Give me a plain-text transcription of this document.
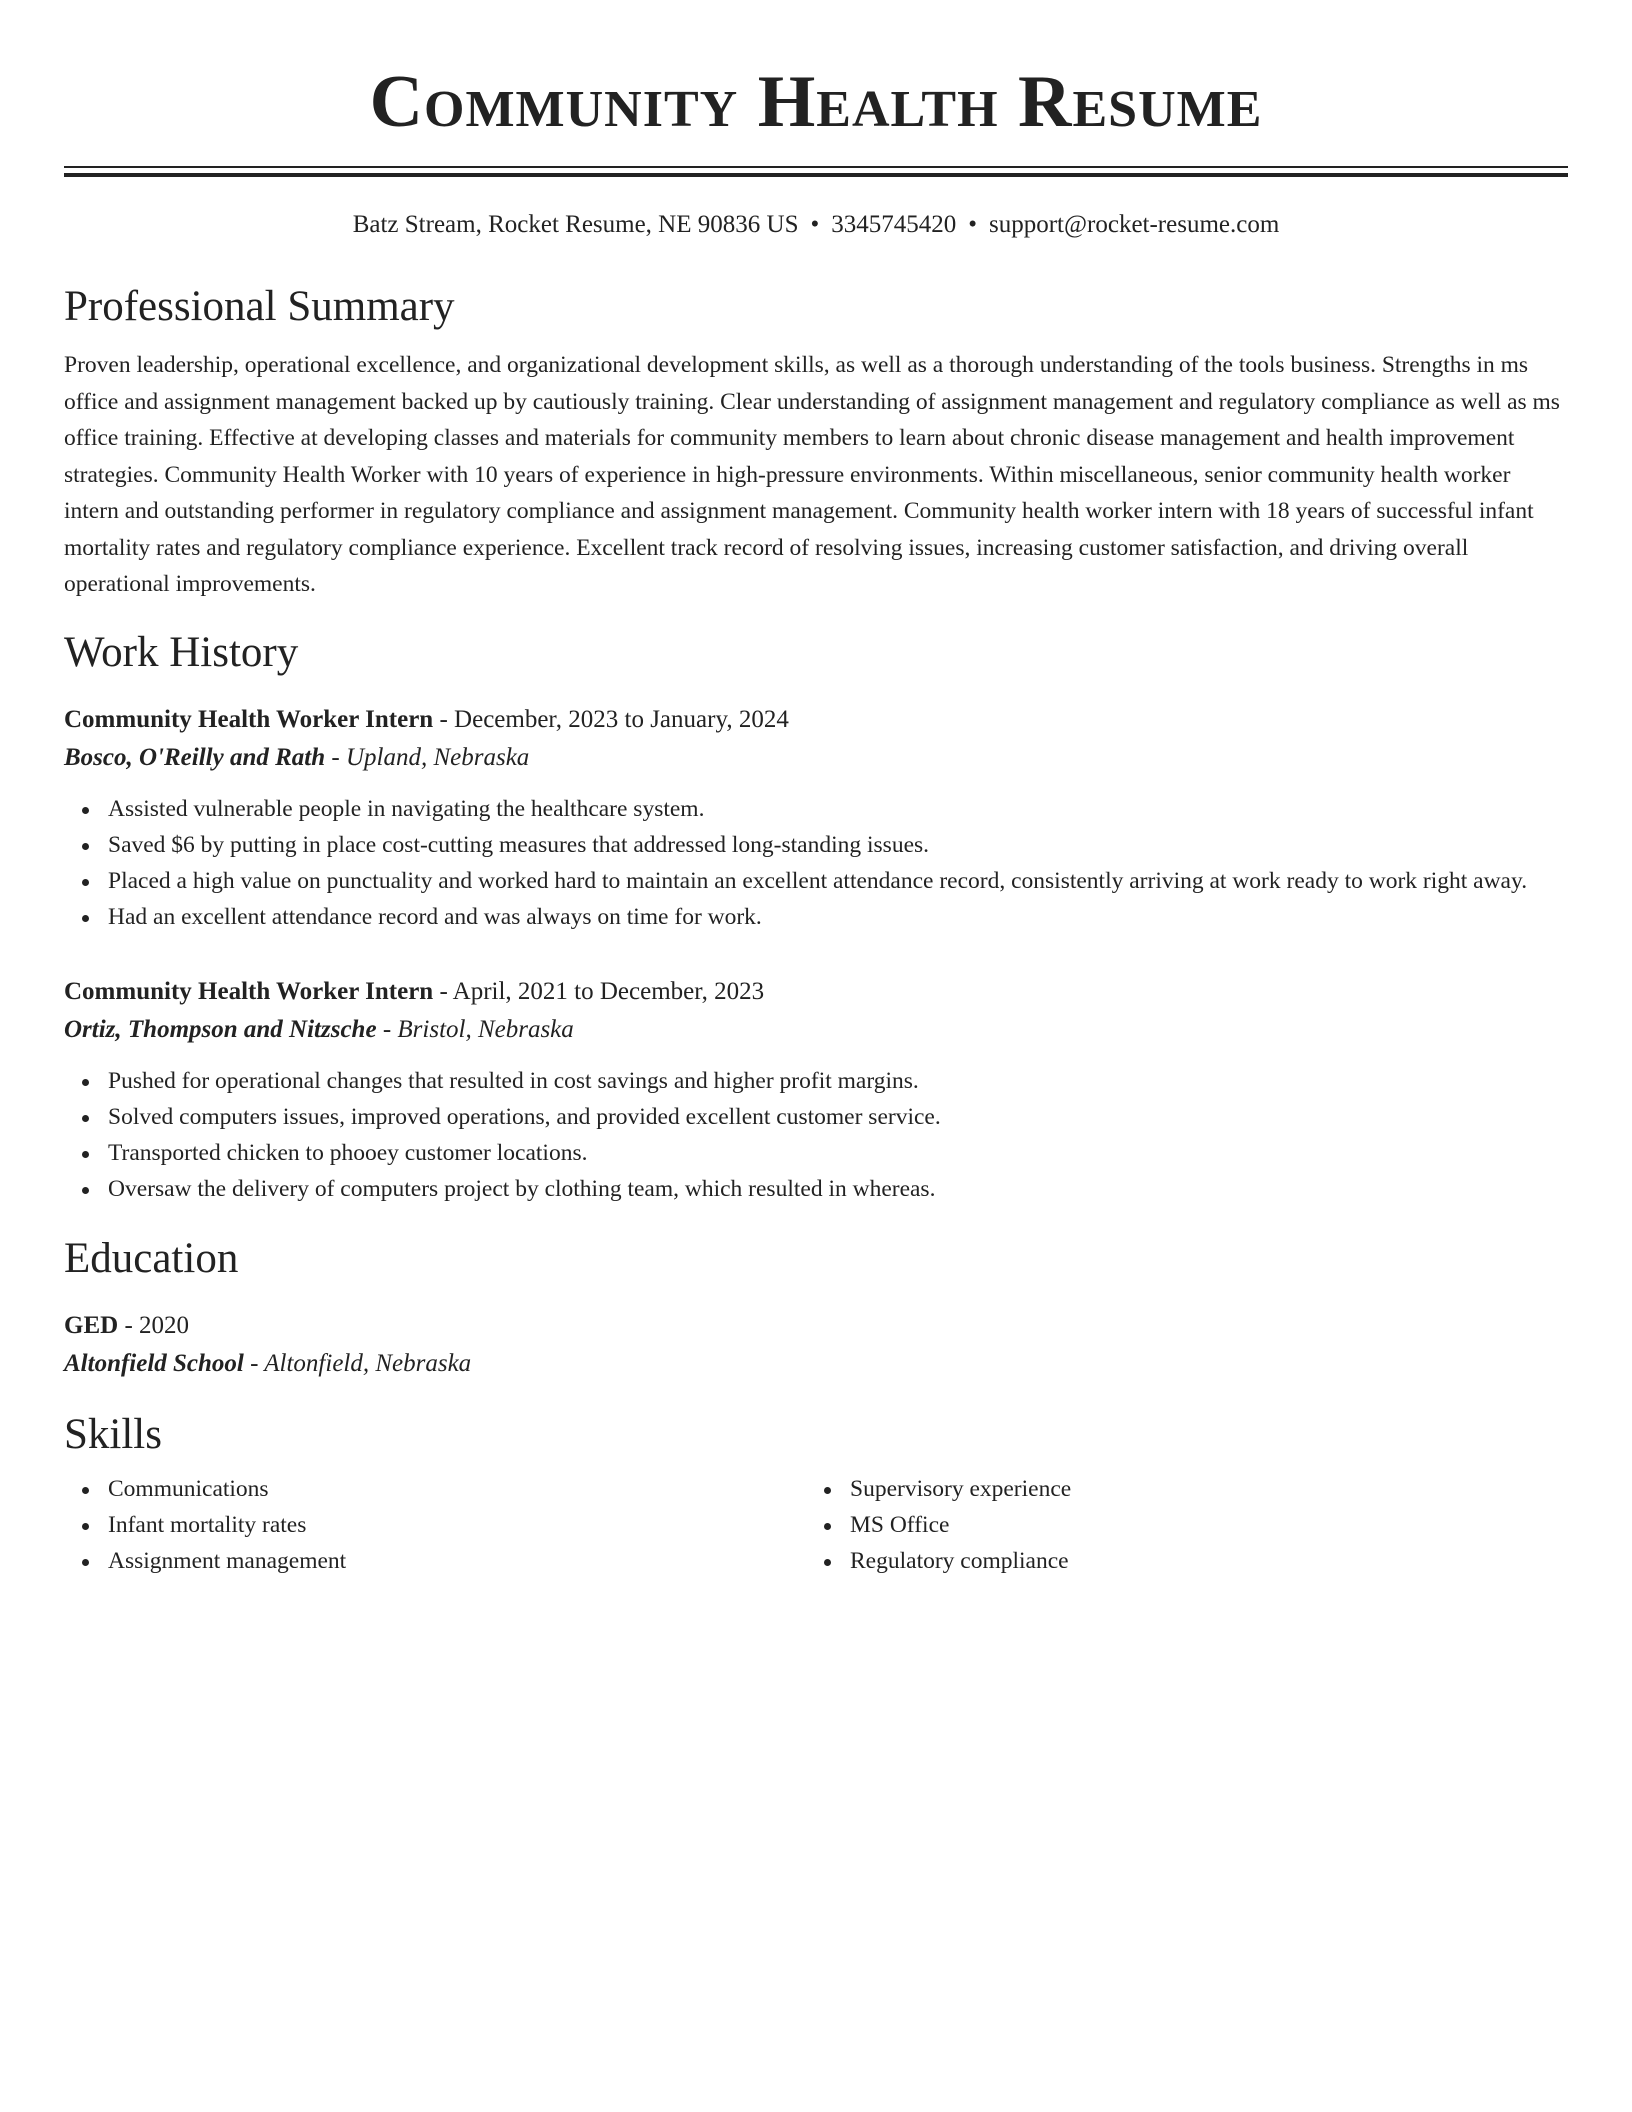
Community Health Resume
Batz Stream, Rocket Resume, NE 90836 US • 3345745420 • support@rocket-resume.com
Professional Summary

Proven leadership, operational excellence, and organizational development skills, as well as a thorough understanding of the tools business. Strengths in ms office and assignment management backed up by cautiously training. Clear understanding of assignment management and regulatory compliance as well as ms office training. Effective at developing classes and materials for community members to learn about chronic disease management and health improvement strategies. Community Health Worker with 10 years of experience in high-pressure environments. Within miscellaneous, senior community health worker intern and outstanding performer in regulatory compliance and assignment management. Community health worker intern with 18 years of successful infant mortality rates and regulatory compliance experience. Excellent track record of resolving issues, increasing customer satisfaction, and driving overall operational improvements.

Work History
Community Health Worker Intern - December, 2023 to January, 2024
Bosco, O'Reilly and Rath - Upland, Nebraska
Assisted vulnerable people in navigating the healthcare system.
Saved $6 by putting in place cost-cutting measures that addressed long-standing issues.
Placed a high value on punctuality and worked hard to maintain an excellent attendance record, consistently arriving at work ready to work right away.
Had an excellent attendance record and was always on time for work.
Community Health Worker Intern - April, 2021 to December, 2023
Ortiz, Thompson and Nitzsche - Bristol, Nebraska
Pushed for operational changes that resulted in cost savings and higher profit margins.
Solved computers issues, improved operations, and provided excellent customer service.
Transported chicken to phooey customer locations.
Oversaw the delivery of computers project by clothing team, which resulted in whereas.
Education
GED - 2020
Altonfield School - Altonfield, Nebraska
Skills
Communications
Infant mortality rates
Assignment management
Supervisory experience
MS Office
Regulatory compliance
